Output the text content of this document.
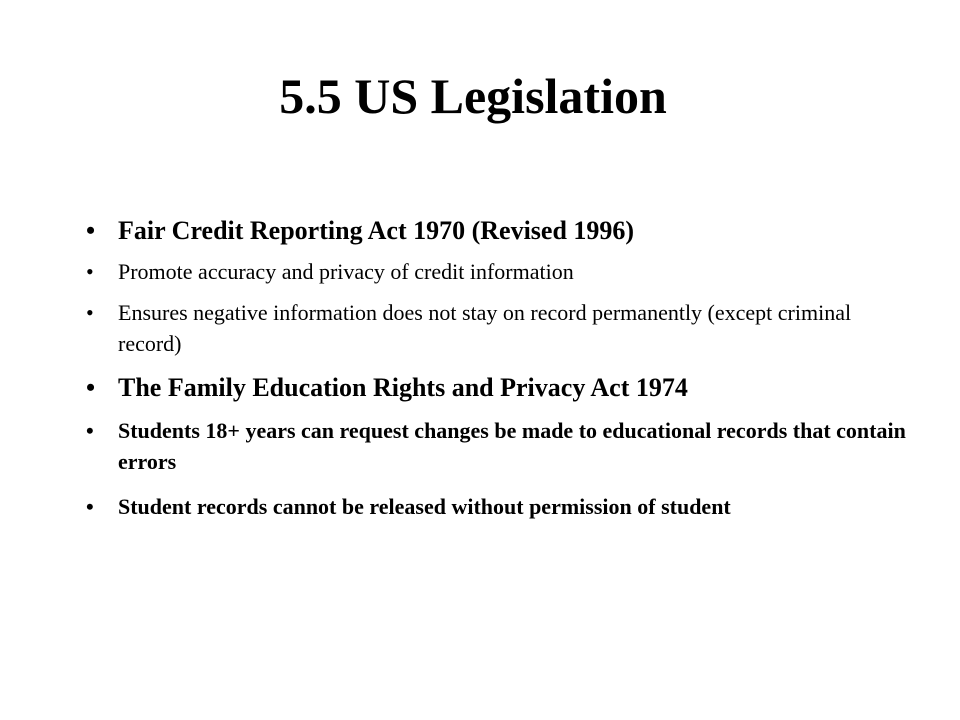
5.5 US Legislation
• Fair Credit Reporting Act 1970 (Revised 1996)
• Promote accuracy and privacy of credit information
• Ensures negative information does not stay on record permanently (except criminal record)
• The Family Education Rights and Privacy Act 1974
• Students 18+ years can request changes be made to educational records that contain errors
• Student records cannot be released without permission of student
